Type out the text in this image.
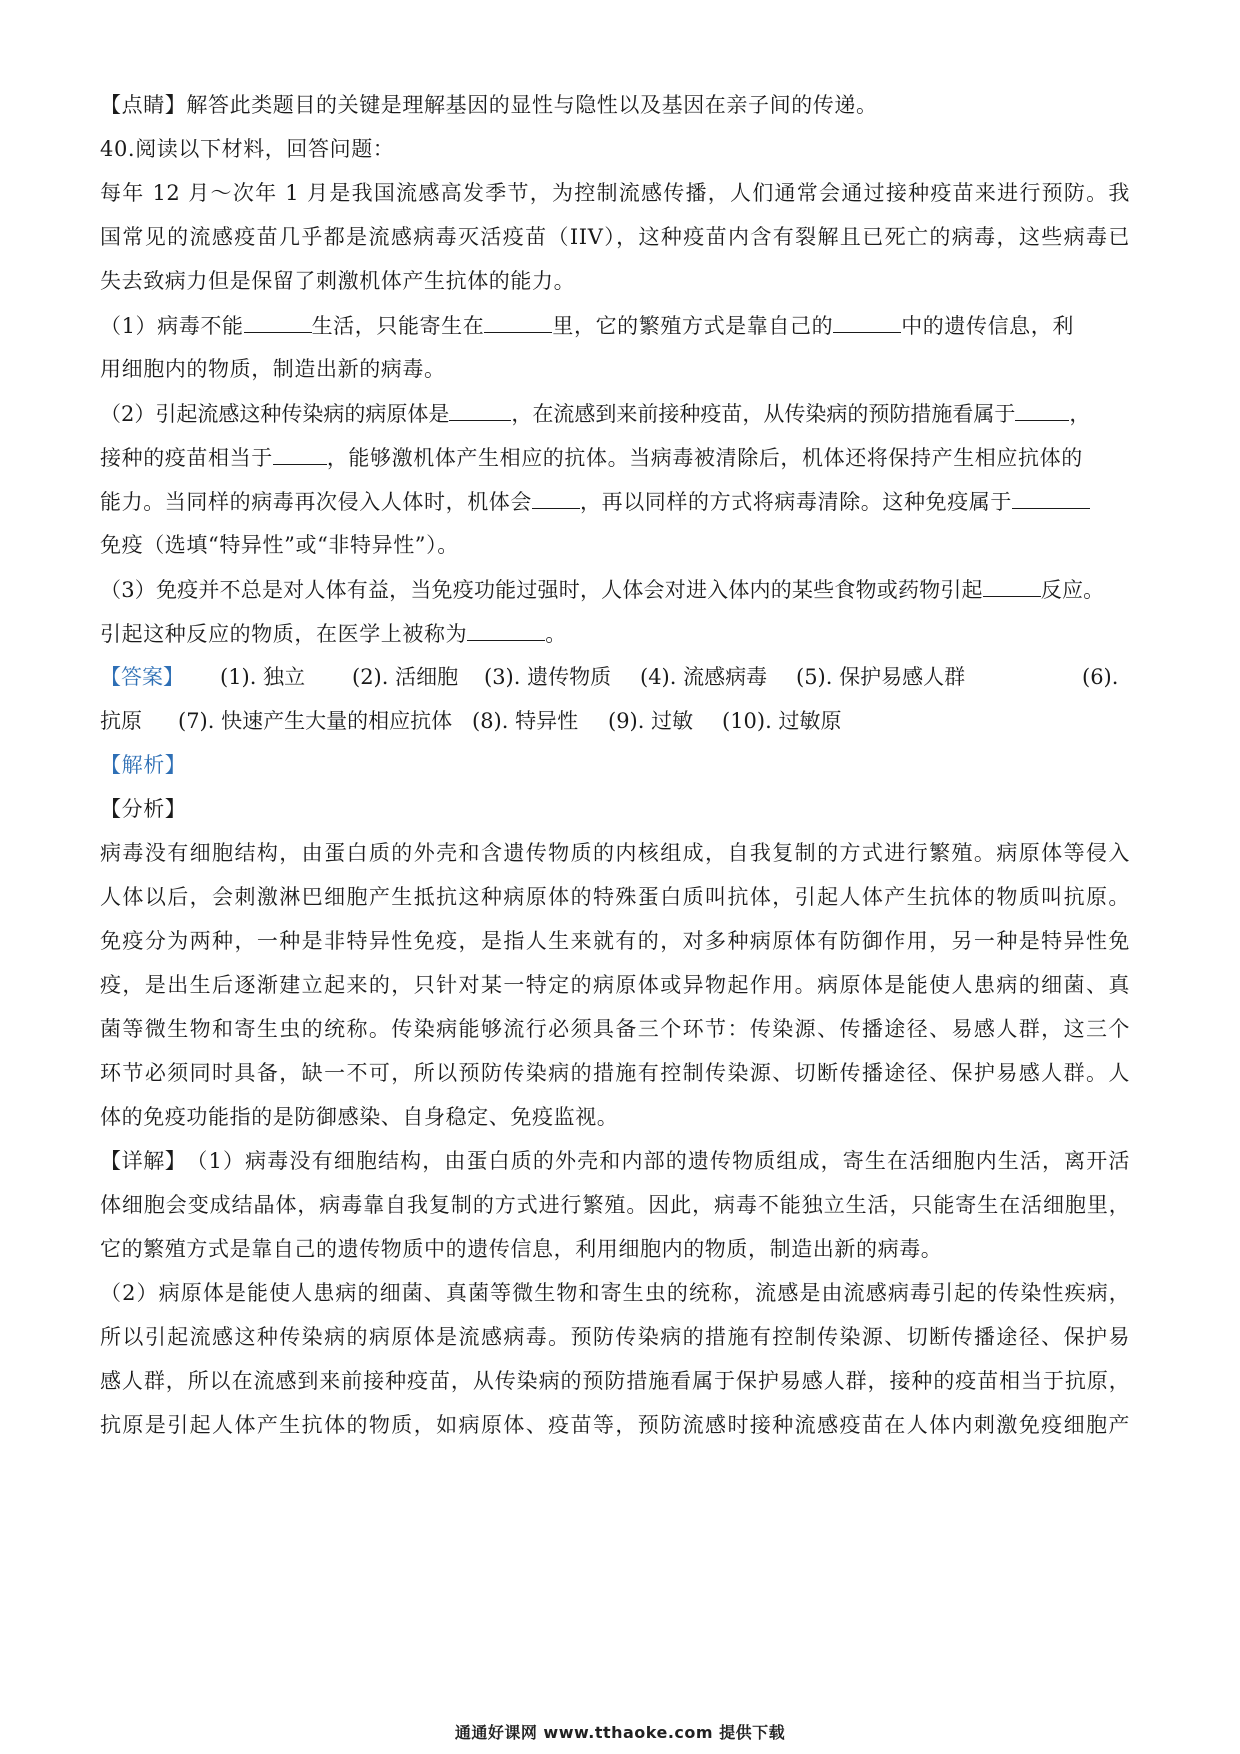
【点睛】解答此类题目的关键是理解基因的显性与隐性以及基因在亲子间的传递。
40.阅读以下材料，回答问题：
每年 12 月～次年 1 月是我国流感高发季节，为控制流感传播，人们通常会通过接种疫苗来进行预防。我
国常见的流感疫苗几乎都是流感病毒灭活疫苗（IIV），这种疫苗内含有裂解且已死亡的病毒，这些病毒已
失去致病力但是保留了刺激机体产生抗体的能力。
（1）病毒不能	生活，只能寄生在	里，它的繁殖方式是靠自己的	中的遗传信息，利
用细胞内的物质，制造出新的病毒。
（2）引起流感这种传染病的病原体是	，在流感到来前接种疫苗，从传染病的预防措施看属于	，
接种的疫苗相当于	，能够激机体产生相应的抗体。当病毒被清除后，机体还将保持产生相应抗体的
能力。当同样的病毒再次侵入人体时，机体会 ，再以同样的方式将病毒清除。这种免疫属于
免疫（选填“特异性”或“非特异性”）。
（3）免疫并不总是对人体有益，当免疫功能过强时，人体会对进入体内的某些食物或药物引起	反应。
引起这种反应的物质，在医学上被称为	。
【答案】 (1). 独立 (2). 活细胞 (3). 遗传物质 (4). 流感病毒 (5). 保护易感人群	(6).
抗原 (7). 快速产生大量的相应抗体 (8). 特异性 (9). 过敏 (10). 过敏原
【解析】
【分析】
病毒没有细胞结构，由蛋白质的外壳和含遗传物质的内核组成，自我复制的方式进行繁殖。病原体等侵入
人体以后，会刺激淋巴细胞产生抵抗这种病原体的特殊蛋白质叫抗体，引起人体产生抗体的物质叫抗原。
免疫分为两种，一种是非特异性免疫，是指人生来就有的，对多种病原体有防御作用，另一种是特异性免
疫，是出生后逐渐建立起来的，只针对某一特定的病原体或异物起作用。病原体是能使人患病的细菌、真
菌等微生物和寄生虫的统称。传染病能够流行必须具备三个环节：传染源、传播途径、易感人群，这三个
环节必须同时具备，缺一不可，所以预防传染病的措施有控制传染源、切断传播途径、保护易感人群。人
体的免疫功能指的是防御感染、自身稳定、免疫监视。
【详解】 （1）病毒没有细胞结构，由蛋白质的外壳和内部的遗传物质组成，寄生在活细胞内生活，离开活
体细胞会变成结晶体，病毒靠自我复制的方式进行繁殖。因此，病毒不能独立生活，只能寄生在活细胞里，
它的繁殖方式是靠自己的遗传物质中的遗传信息，利用细胞内的物质，制造出新的病毒。
（2）病原体是能使人患病的细菌、真菌等微生物和寄生虫的统称，流感是由流感病毒引起的传染性疾病，
所以引起流感这种传染病的病原体是流感病毒。预防传染病的措施有控制传染源、切断传播途径、保护易
感人群，所以在流感到来前接种疫苗，从传染病的预防措施看属于保护易感人群，接种的疫苗相当于抗原，
抗原是引起人体产生抗体的物质，如病原体、疫苗等，预防流感时接种流感疫苗在人体内刺激免疫细胞产
通通好课网 www.tthaoke.com 提供下载
